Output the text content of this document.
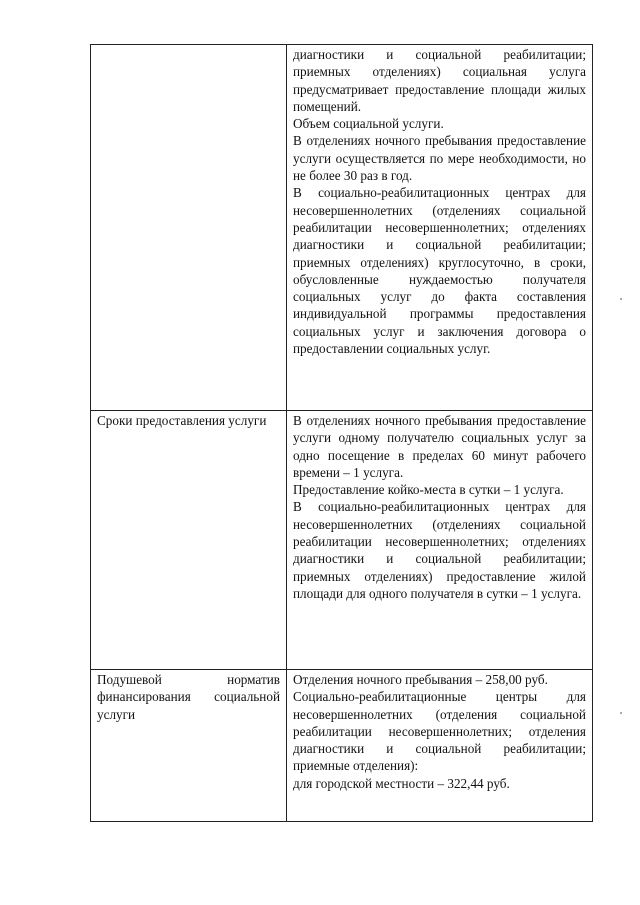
	диагностики и социальной реабилитации; приемных отделениях) социальная услуга предусматривает предоставление площади жилых помещений.
Объем социальной услуги.
В отделениях ночного пребывания предоставление услуги осуществляется по мере необходимости, но не более 30 раз в год.
В социально-реабилитационных центрах для несовершеннолетних (отделениях социальной реабилитации несовершеннолетних; отделениях диагностики и социальной реабилитации; приемных отделениях) круглосуточно, в сроки, обусловленные нуждаемостью получателя социальных услуг до факта составления индивидуальной программы предоставления социальных услуг и заключения договора о предоставлении социальных услуг.

Сроки предоставления услуги	В отделениях ночного пребывания предоставление услуги одному получателю социальных услуг за одно посещение в пределах 60 минут рабочего времени – 1 услуга.
Предоставление койко-места в сутки – 1 услуга.
В социально-реабилитационных центрах для несовершеннолетних (отделениях социальной реабилитации несовершеннолетних; отделениях диагностики и социальной реабилитации; приемных отделениях) предоставление жилой площади для одного получателя в сутки – 1 услуга.

Подушевой норматив финансирования социальной услуги	Отделения ночного пребывания – 258,00 руб.
Социально-реабилитационные центры для несовершеннолетних (отделения социальной реабилитации несовершеннолетних; отделения диагностики и социальной реабилитации; приемные отделения):
для городской местности – 322,44 руб.
